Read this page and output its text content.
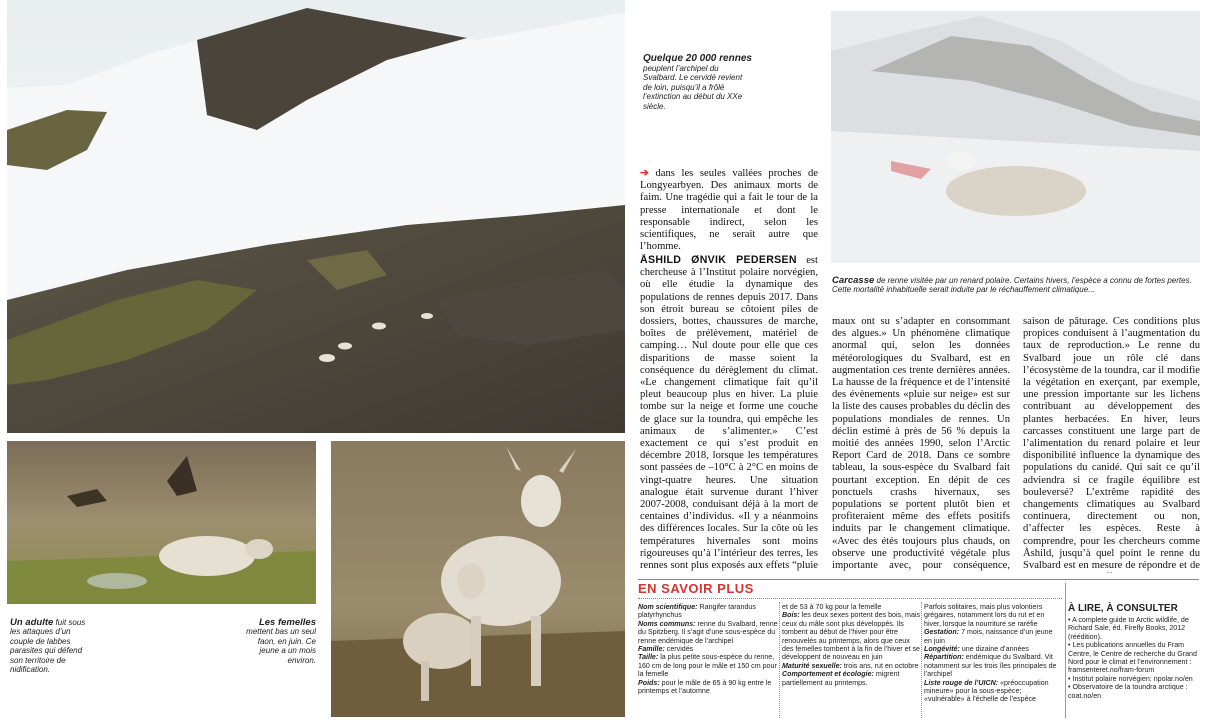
Quelque 20 000 rennes
peuplent l’archipel du Svalbard. Le cervidé revient de loin, puisqu’il a frôlé l’extinction au début du XXe siècle.
Carcasse de renne visitée par un renard polaire. Certains hivers, l’espèce a connu de fortes pertes. Cette mortalité inhabituelle serait induite par le réchauffement climatique...
Un adulte fuit sous les attaques d’un couple de labbes parasites qui défend son territoire de nidification.
Les femelles mettent bas un seul faon, en juin. Ce jeune a un mois environ.
➔ dans les seules vallées proches de Longyearbyen. Des animaux morts de faim. Une tragédie qui a fait le tour de la presse internationale et dont le responsable indirect, selon les scientifiques, ne serait autre que l’homme.
ÅSHILD ØNVIK PEDERSEN est chercheuse à l’Institut polaire norvégien, où elle étudie la dynamique des populations de rennes depuis 2017. Dans son étroit bureau se côtoient piles de dossiers, bottes, chaussures de marche, boîtes de prélèvement, matériel de camping… Nul doute pour elle que ces disparitions de masse soient la conséquence du dérèglement du climat. «Le changement climatique fait qu’il pleut beaucoup plus en hiver. La pluie tombe sur la neige et forme une couche de glace sur la toundra, qui empêche les animaux de s’alimenter.» C’est exactement ce qui s’est produit en décembre 2018, lorsque les températures sont passées de –10°C à 2°C en moins de vingt-quatre heures. Une situation analogue était survenue durant l’hiver 2007-2008, conduisant déjà à la mort de centaines d’individus. «Il y a néanmoins des différences locales. Sur la côte où les températures hivernales sont moins rigoureuses qu’à l’intérieur des terres, les rennes sont plus exposés aux effets “pluie
maux ont su s’adapter en consommant des algues.» Un phénomène climatique anormal qui, selon les données météorologiques du Svalbard, est en augmentation ces trente dernières années. La hausse de la fréquence et de l’intensité des évènements «pluie sur neige» est sur la liste des causes probables du déclin des populations mondiales de rennes. Un déclin estimé à près de 56 % depuis la moitié des années 1990, selon l’Arctic Report Card de 2018. Dans ce sombre tableau, la sous-espèce du Svalbard fait pourtant exception. En dépit de ces ponctuels crashs hivernaux, ses populations se portent plutôt bien et profiteraient même des effets positifs induits par le changement climatique. «Avec des étés toujours plus chauds, on observe une productivité végétale plus importante avec, pour conséquence,
saison de pâturage. Ces conditions plus propices conduisent à l’augmentation du taux de reproduction.» Le renne du Svalbard joue un rôle clé dans l’écosystème de la toundra, car il modifie la végétation en exerçant, par exemple, une pression importante sur les lichens contribuant au développement des plantes herbacées. En hiver, leurs carcasses constituent une large part de l’alimentation du renard polaire et leur disponibilité influence la dynamique des populations du canidé. Qui sait ce qu’il adviendra si ce fragile équilibre est bouleversé? L’extrême rapidité des changements climatiques au Svalbard continuera, directement ou non, d’affecter les espèces. Reste à comprendre, pour les chercheurs comme Åshild, jusqu’à quel point le renne du Svalbard est en mesure de répondre et de
EN SAVOIR PLUS
Nom scientifique: Rangifer tarandus platyrhynchus
Noms communs: renne du Svalbard, renne du Spitzberg. Il s’agit d’une sous-espèce du renne endémique de l’archipel
Famille: cervidés
Taille: la plus petite sous-espèce du renne, 160 cm de long pour le mâle et 150 cm pour la femelle
Poids: pour le mâle de 65 à 90 kg entre le printemps et l’automne
et de 53 à 70 kg pour la femelle
Bois: les deux sexes portent des bois, mais ceux du mâle sont plus développés. Ils tombent au début de l’hiver pour être renouvelés au printemps, alors que ceux des femelles tombent à la fin de l’hiver et se développent de nouveau en juin
Maturité sexuelle: trois ans, rut en octobre
Comportement et écologie: migrent partiellement au printemps.
Parfois solitaires, mais plus volontiers grégaires, notamment lors du rut et en hiver, lorsque la nourriture se raréfie
Gestation: 7 mois, naissance d’un jeune en juin
Longévité: une dizaine d’années
Répartition: endémique du Svalbard. Vit notamment sur les trois îles principales de l’archipel
Liste rouge de l’UICN: «préoccupation mineure» pour la sous-espèce; «vulnérable» à l’échelle de l’espèce
À LIRE, À CONSULTER
• A complete guide to Arctic wildlife, de Richard Sale, éd. Firefly Books, 2012 (réédition).
• Les publications annuelles du Fram Centre, le Centre de recherche du Grand Nord pour le climat et l’environnement : framsenteret.no/fram-forum
• Institut polaire norvégien: npolar.no/en
• Observatoire de la toundra arctique : coat.no/en
